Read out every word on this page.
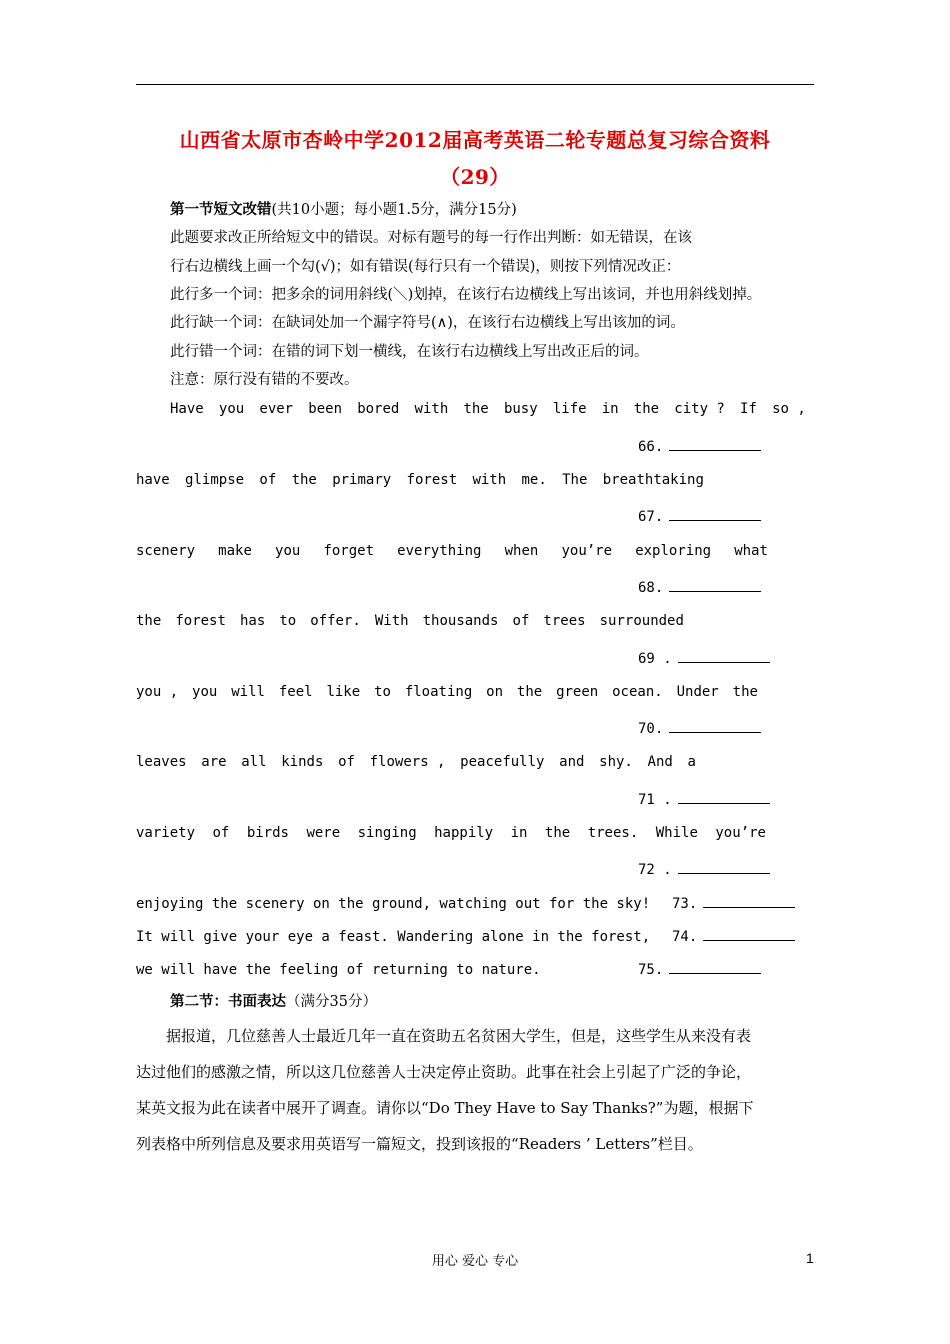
山西省太原市杏岭中学2012届高考英语二轮专题总复习综合资料
（29）
第一节短文改错(共10小题；每小题1.5分，满分15分)
此题要求改正所给短文中的错误。对标有题号的每一行作出判断：如无错误，在该
行右边横线上画一个勾(√)；如有错误(每行只有一个错误)，则按下列情况改正：
此行多一个词：把多余的词用斜线(＼)划掉，在该行右边横线上写出该词，并也用斜线划掉。
此行缺一个词：在缺词处加一个漏字符号(∧)，在该行右边横线上写出该加的词。
此行错一个词：在错的词下划一横线，在该行右边横线上写出改正后的词。
注意：原行没有错的不要改。
Have you ever been bored with the busy life in the city ? If so ,
66.
have glimpse of the primary forest with me. The breathtaking
67.
scenery make you forget everything when you’re exploring what
68.
the forest has to offer. With thousands of trees surrounded
69 .
you , you will feel like to floating on the green ocean. Under the
70.
leaves are all kinds of flowers , peacefully and shy. And a
71 .
variety of birds were singing happily in the trees. While you’re
72 .
enjoying the scenery on the ground, watching out for the sky! 73.
It will give your eye a feast. Wandering alone in the forest, 74.
we will have the feeling of returning to nature.	75.
第二节：书面表达（满分35分）

　　据报道，几位慈善人士最近几年一直在资助五名贫困大学生，但是，这些学生从来没有表

达过他们的感激之情，所以这几位慈善人士决定停止资助。此事在社会上引起了广泛的争论，

某英文报为此在读者中展开了调查。请你以“Do They Have to Say Thanks?”为题，根据下

列表格中所列信息及要求用英语写一篇短文，投到该报的“Readers ’ Letters”栏目。

用心 爱心 专心	1
